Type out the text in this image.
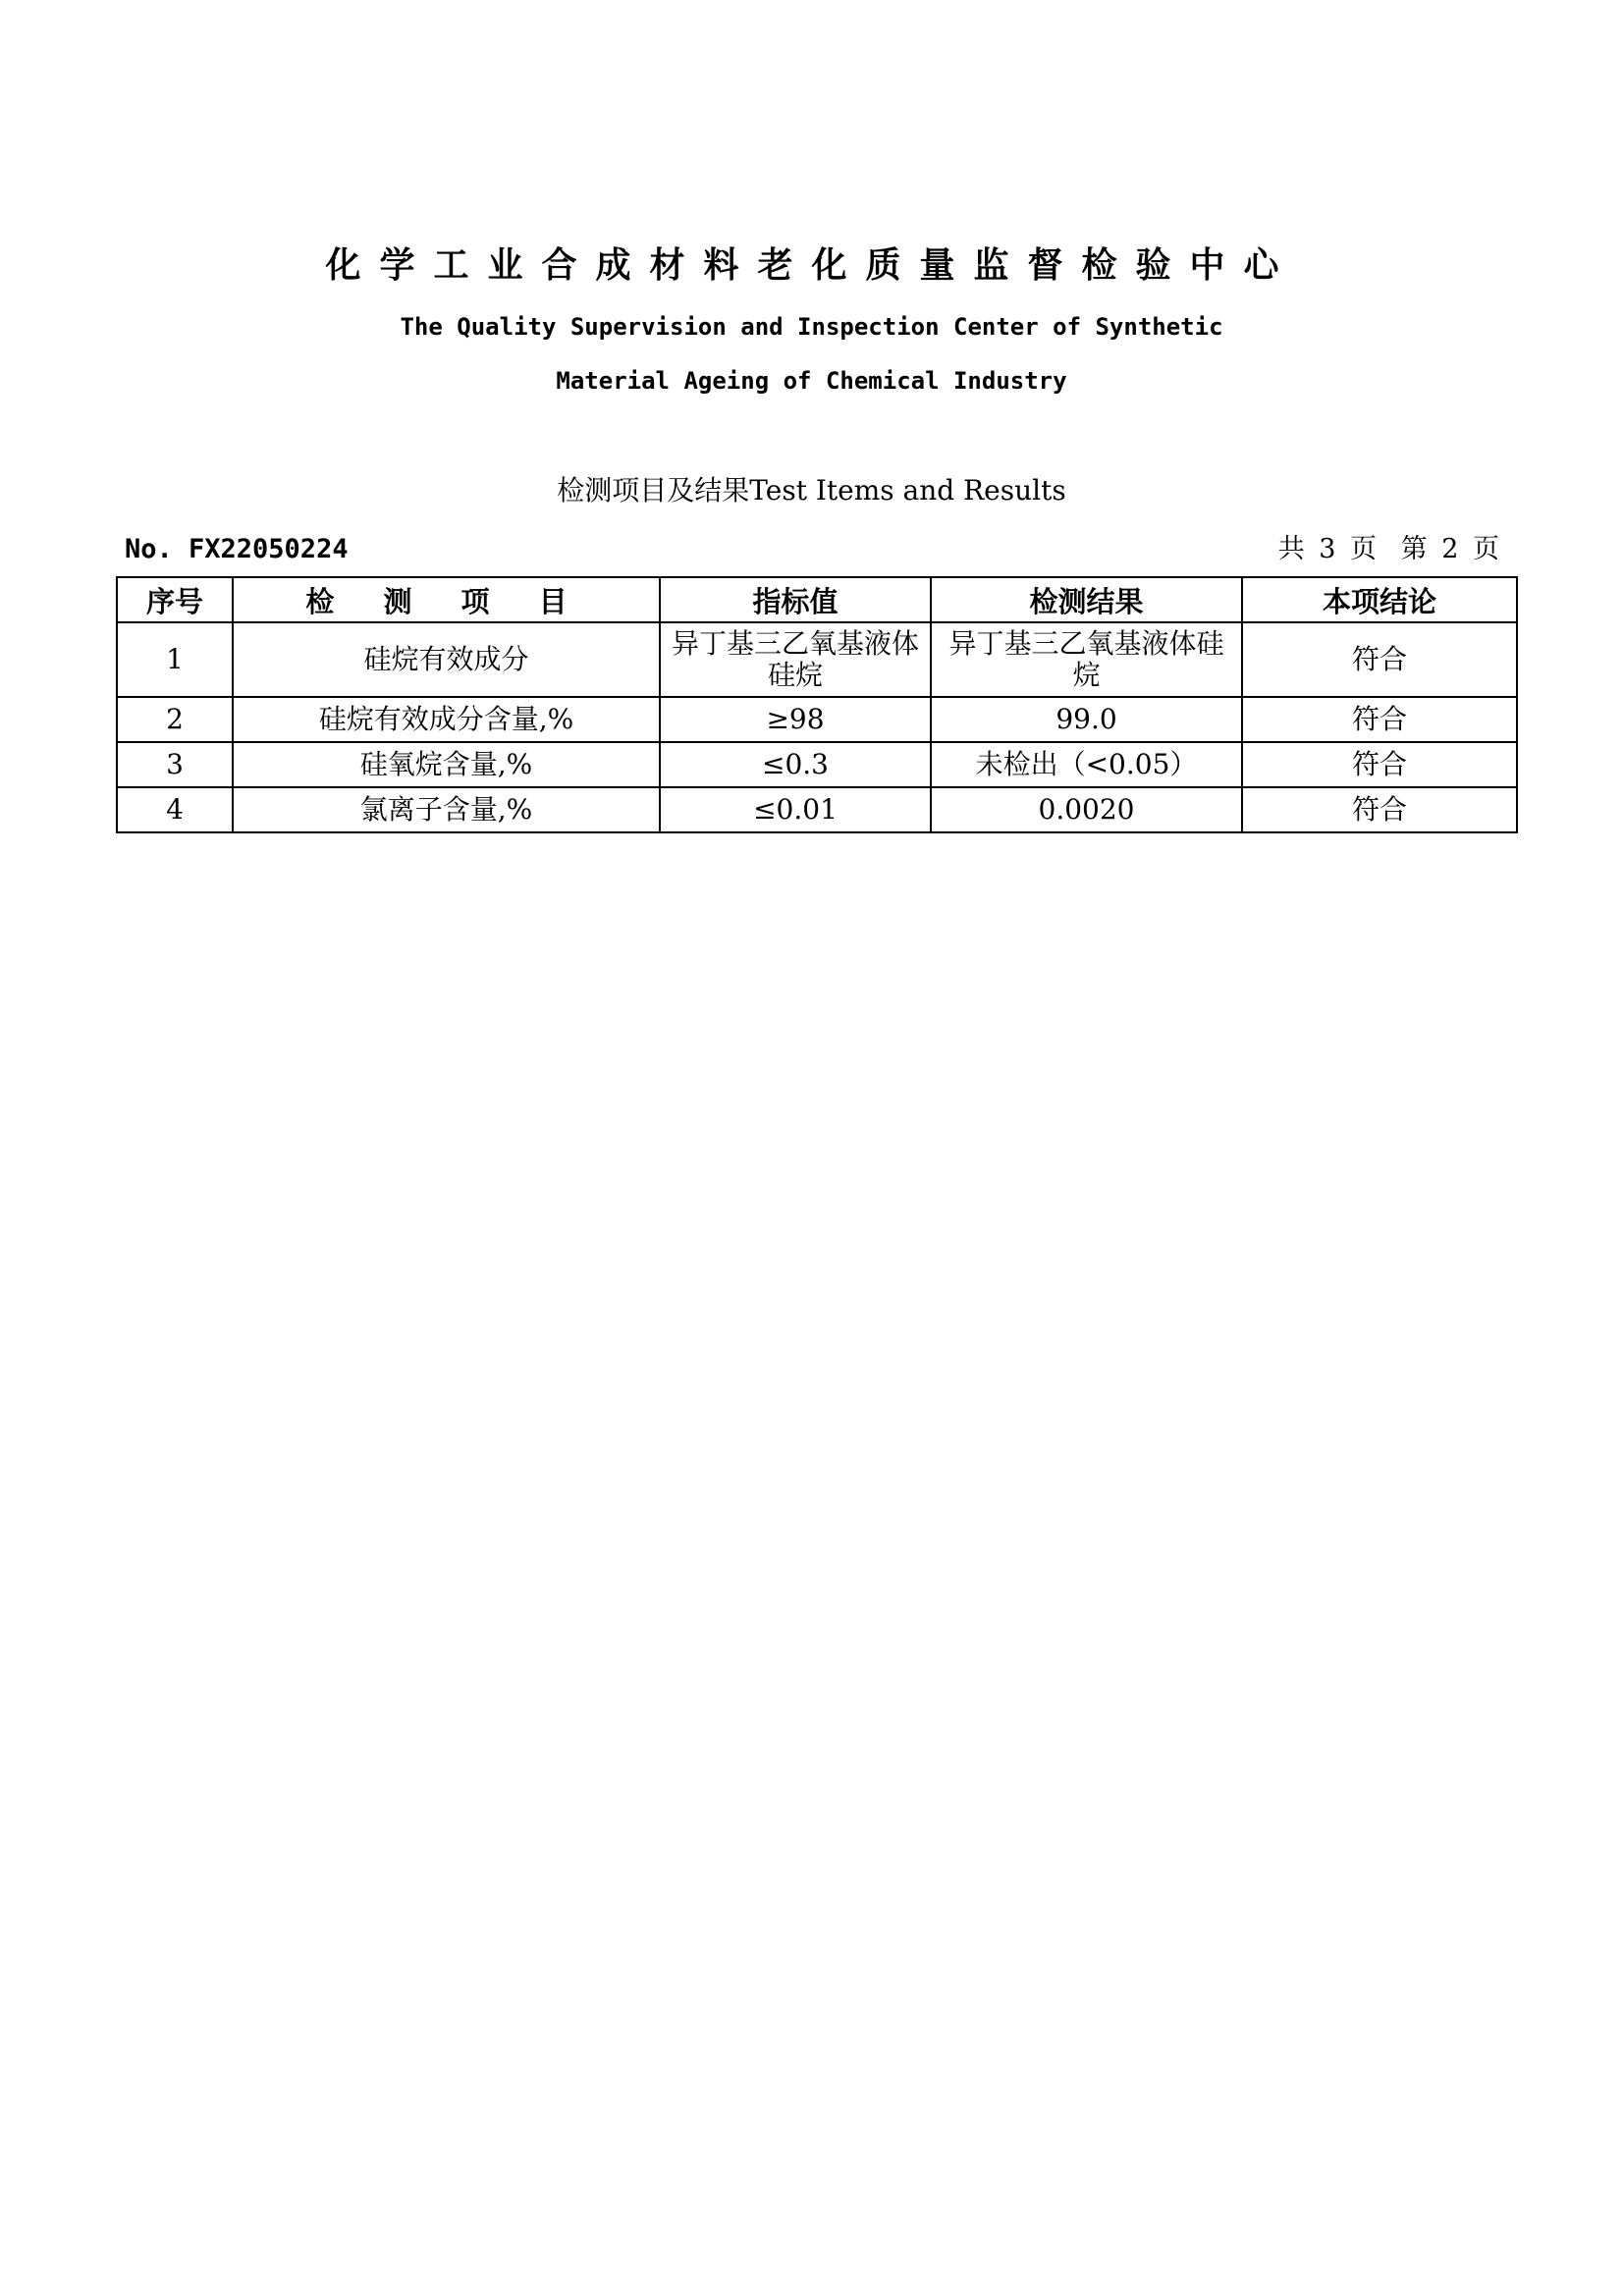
化学工业合成材料老化质量监督检验中心
The Quality Supervision and Inspection Center of Synthetic
Material Ageing of Chemical Industry
检测项目及结果Test Items and Results
No. FX22050224	共 3 页 第 2 页
序号	检 测 项 目	指标值	检测结果	本项结论
1	硅烷有效成分	异丁基三乙氧基液体硅烷	异丁基三乙氧基液体硅烷	符合
2	硅烷有效成分含量,%	≥98	99.0	符合
3	硅氧烷含量,%	≤0.3	未检出（<0.05）	符合
4	氯离子含量,%	≤0.01	0.0020	符合
